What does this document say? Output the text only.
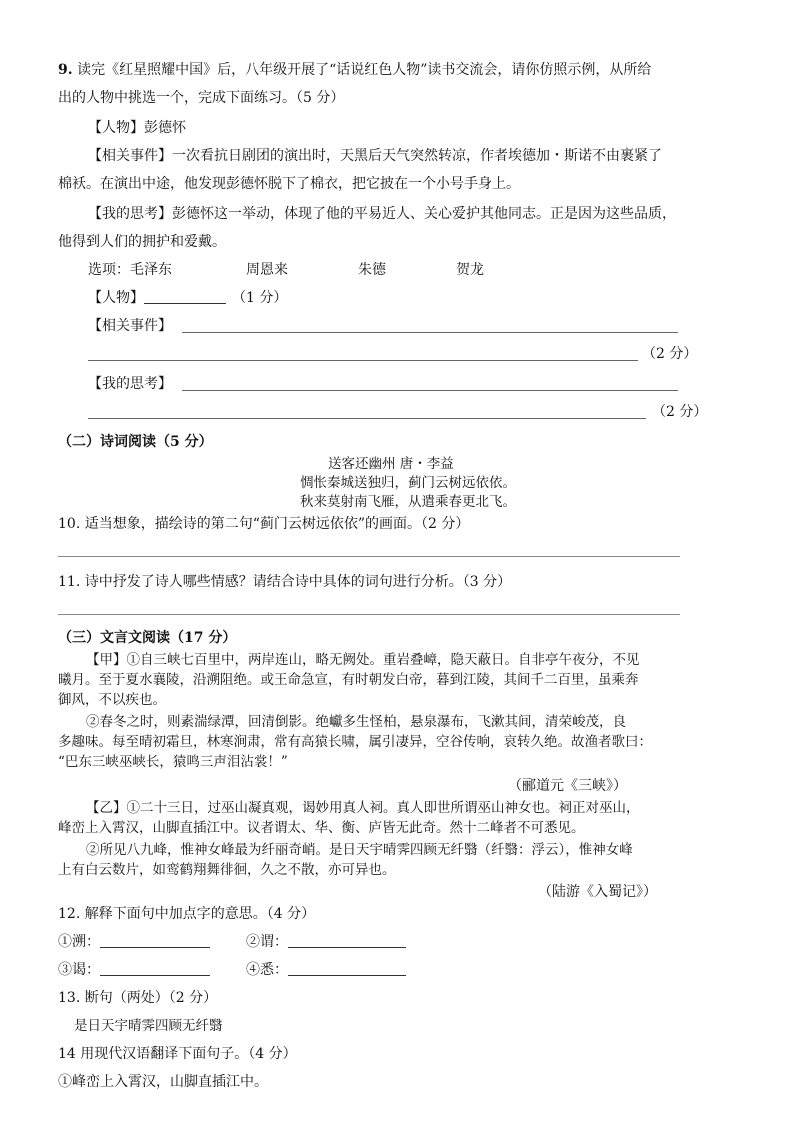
9. 读完《红星照耀中国》后，八年级开展了“话说红色人物”读书交流会，请你仿照示例，从所给
出的人物中挑选一个，完成下面练习。（5 分）
【人物】彭德怀
【相关事件】一次看抗日剧团的演出时，天黑后天气突然转凉，作者埃德加・斯诺不由裹紧了
棉袄。在演出中途，他发现彭德怀脱下了棉衣，把它披在一个小号手身上。
【我的思考】彭德怀这一举动，体现了他的平易近人、关心爱护其他同志。正是因为这些品质，
他得到人们的拥护和爱戴。
选项：毛泽东	周恩来	朱德	贺龙
【人物】	（1 分）
【相关事件】
（2 分）
【我的思考】
（2 分）
（二）诗词阅读（5 分）
送客还幽州 唐・李益
惆怅秦城送独归，蓟门云树远依依。
秋来莫射南飞雁，从遣乘春更北飞。
10. 适当想象，描绘诗的第二句“蓟门云树远依依”的画面。（2 分）
11. 诗中抒发了诗人哪些情感？请结合诗中具体的词句进行分析。（3 分）
（三）文言文阅读（17 分）
【甲】①自三峡七百里中，两岸连山，略无阙处。重岩叠嶂，隐天蔽日。自非亭午夜分，不见
曦月。至于夏水襄陵，沿溯阻绝。或王命急宣，有时朝发白帝，暮到江陵，其间千二百里，虽乘奔
御风，不以疾也。
②春冬之时，则素湍绿潭，回清倒影。绝巘多生怪柏，悬泉瀑布，飞漱其间，清荣峻茂，良
多趣味。每至晴初霜旦，林寒涧肃，常有高猿长啸，属引凄异，空谷传响，哀转久绝。故渔者歌曰：
“巴东三峡巫峡长，猿鸣三声泪沾裳！”
（郦道元《三峡》）
【乙】①二十三日，过巫山凝真观，谒妙用真人祠。真人即世所谓巫山神女也。祠正对巫山，
峰峦上入霄汉，山脚直插江中。议者谓太、华、衡、庐皆无此奇。然十二峰者不可悉见。
②所见八九峰，惟神女峰最为纤丽奇峭。是日天宇晴霁四顾无纤翳（纤翳：浮云），惟神女峰
上有白云数片，如鸾鹤翔舞徘徊，久之不散，亦可异也。
（陆游《入蜀记》）
12. 解释下面句中加点字的意思。（4 分）
①溯：	②谓：
③谒：	④悉：
13. 断句（两处）（2 分）
是日天宇晴霁四顾无纤翳
14 用现代汉语翻译下面句子。（4 分）
①峰峦上入霄汉，山脚直插江中。
